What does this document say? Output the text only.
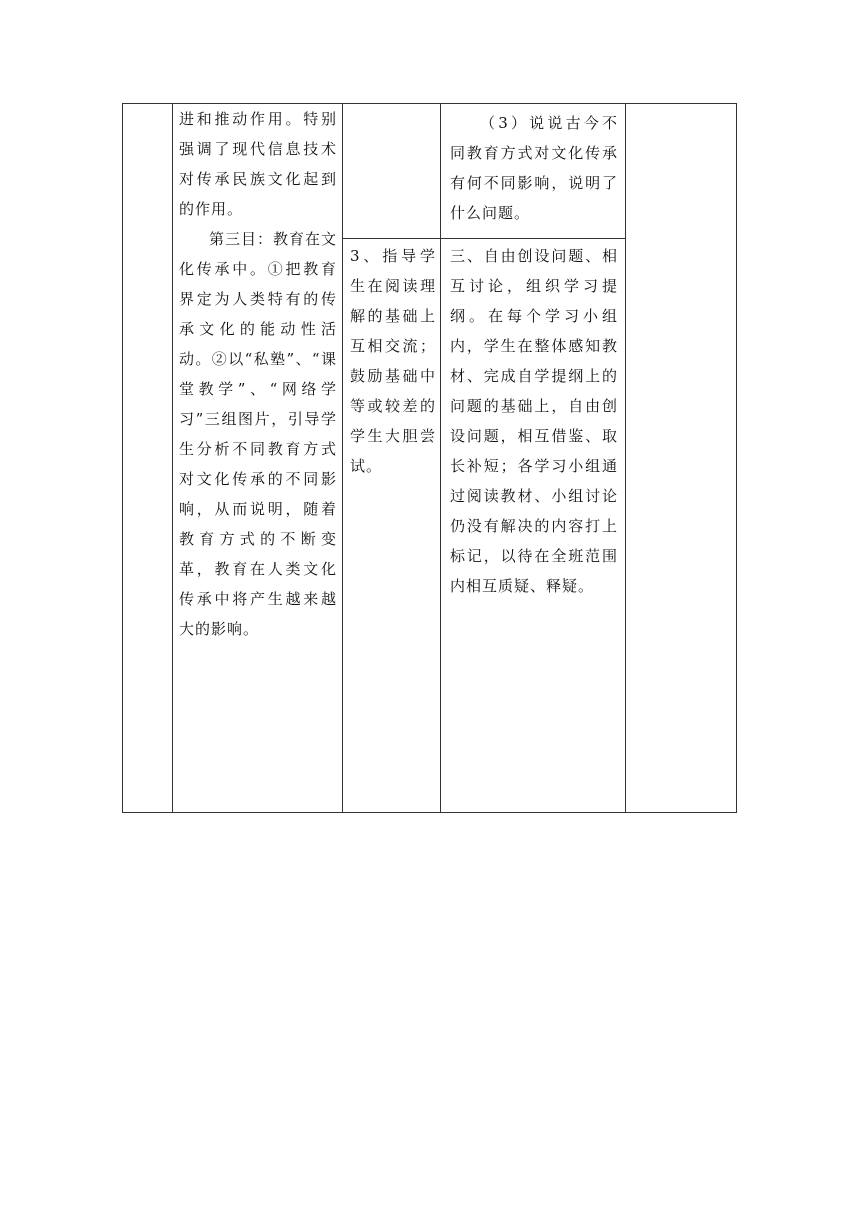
进和推动作用。特别强调了现代信息技术对传承民族文化起到的作用。

第三目：教育在文化传承中。①把教育界定为人类特有的传承文化的能动性活动。②以“私塾”、“课堂教学”、“网络学习”三组图片，引导学生分析不同教育方式对文化传承的不同影响，从而说明，随着教育方式的不断变革，教育在人类文化传承中将产生越来越大的影响。

3、指导学生在阅读理解的基础上互相交流；鼓励基础中等或较差的学生大胆尝试。

（3）说说古今不同教育方式对文化传承有何不同影响，说明了什么问题。

三、自由创设问题、相互讨论，组织学习提纲。在每个学习小组内，学生在整体感知教材、完成自学提纲上的问题的基础上，自由创设问题，相互借鉴、取长补短；各学习小组通过阅读教材、小组讨论仍没有解决的内容打上标记，以待在全班范围内相互质疑、释疑。
